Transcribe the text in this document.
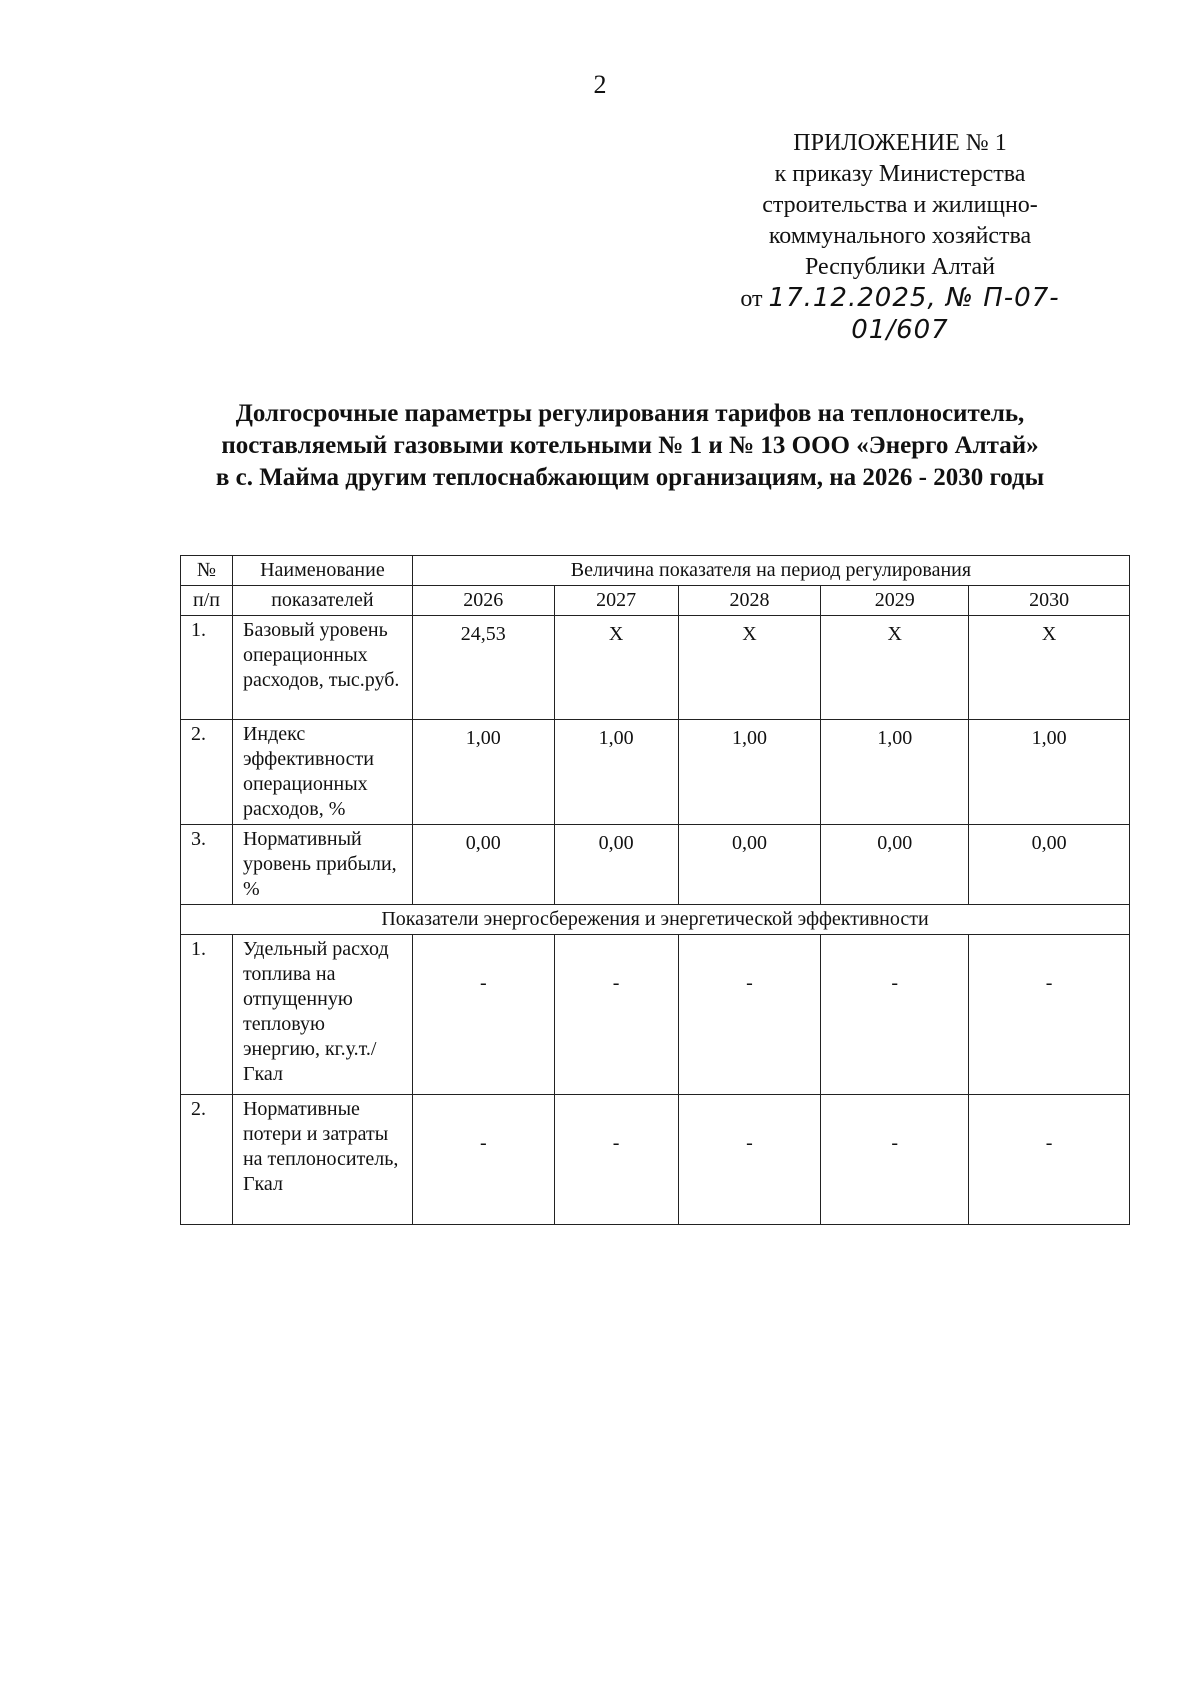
2
ПРИЛОЖЕНИЕ № 1
к приказу Министерства
строительства и жилищно-
коммунального хозяйства
Республики Алтай
от 17.12.2025, № П-07-01/607
Долгосрочные параметры регулирования тарифов на теплоноситель,
поставляемый газовыми котельными № 1 и № 13 ООО «Энерго Алтай»
в с. Майма другим теплоснабжающим организациям, на 2026 - 2030 годы
№	Наименование	Величина показателя на период регулирования				
п/п	показателей	2026	2027	2028	2029	2030
1.	Базовый уровень операционных расходов, тыс.руб.	24,53	X	X	X	X
2.	Индекс эффективности операционных расходов, %	1,00	1,00	1,00	1,00	1,00
3.	Нормативный уровень прибыли, %	0,00	0,00	0,00	0,00	0,00
Показатели энергосбережения и энергетической эффективности						
1.	Удельный расход топлива на отпущенную тепловую энергию, кг.у.т./Гкал	-	-	-	-	-
2.	Нормативные потери и затраты на теплоноситель, Гкал	-	-	-	-	-
